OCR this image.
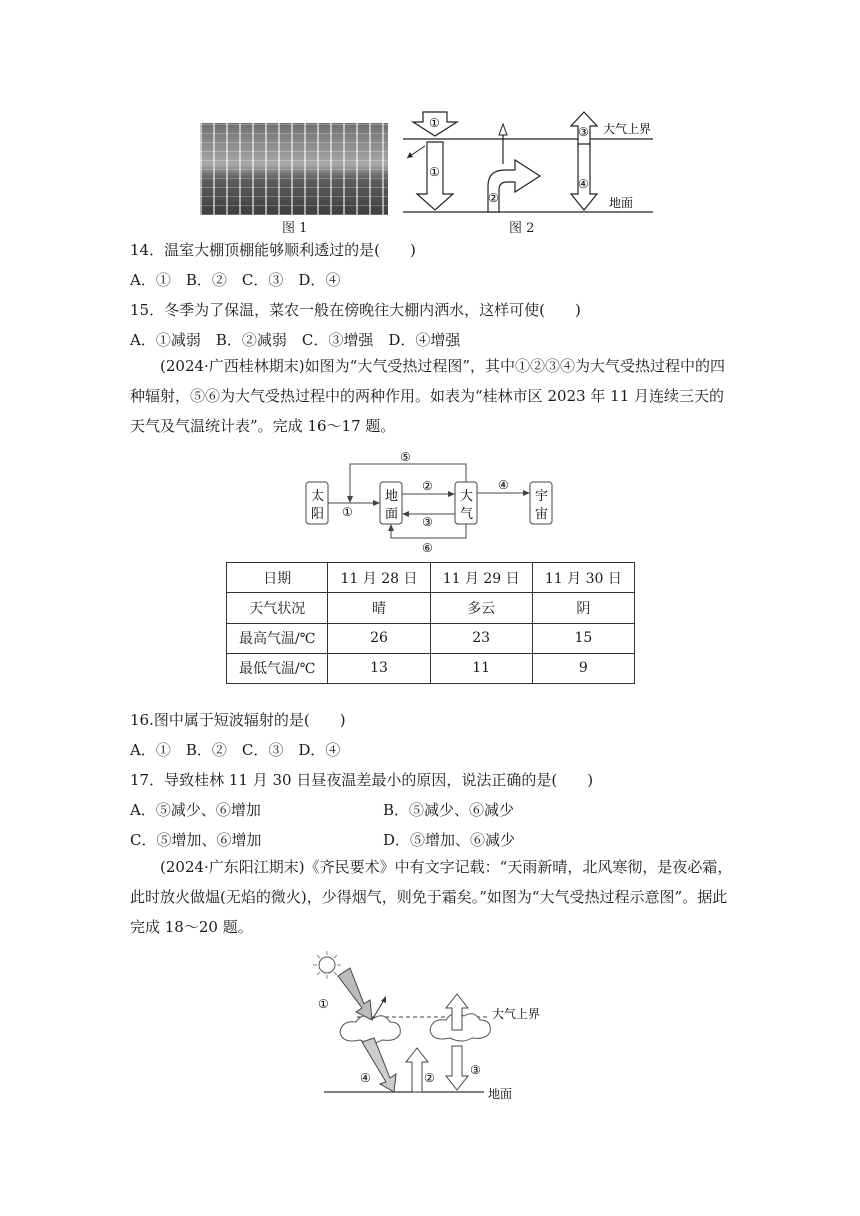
图 1
①
①
②
③
④
大气上界
地面
图 2
14．温室大棚顶棚能够顺利透过的是(　　)
A．①　B．②　C．③　D．④
15．冬季为了保温，菜农一般在傍晚往大棚内洒水，这样可使(　　)
A．①减弱　B．②减弱　C．③增强　D．④增强
(2024·广西桂林期末)如图为“大气受热过程图”，其中①②③④为大气受热过程中的四种辐射，⑤⑥为大气受热过程中的两种作用。如表为“桂林市区 2023 年 11 月连续三天的天气及气温统计表”。完成 16～17 题。
太
阳
地
面
大
气
宇
宙
①
②
③
④
⑤
⑥
日期	11 月 28 日	11 月 29 日	11 月 30 日
天气状况	晴	多云	阴
最高气温/℃	26	23	15
最低气温/℃	13	11	9
16.图中属于短波辐射的是(　　)
A．①　B．②　C．③　D．④
17．导致桂林 11 月 30 日昼夜温差最小的原因，说法正确的是(　　)
A．⑤减少、⑥增加	B．⑤减少、⑥减少
C．⑤增加、⑥增加	D．⑤增加、⑥减少
(2024·广东阳江期末)《齐民要术》中有文字记载：“天雨新晴，北风寒彻，是夜必霜，此时放火做煴(无焰的微火)，少得烟气，则免于霜矣。”如图为“大气受热过程示意图”。据此完成 18～20 题。
①
②
③
④
大气上界
地面
